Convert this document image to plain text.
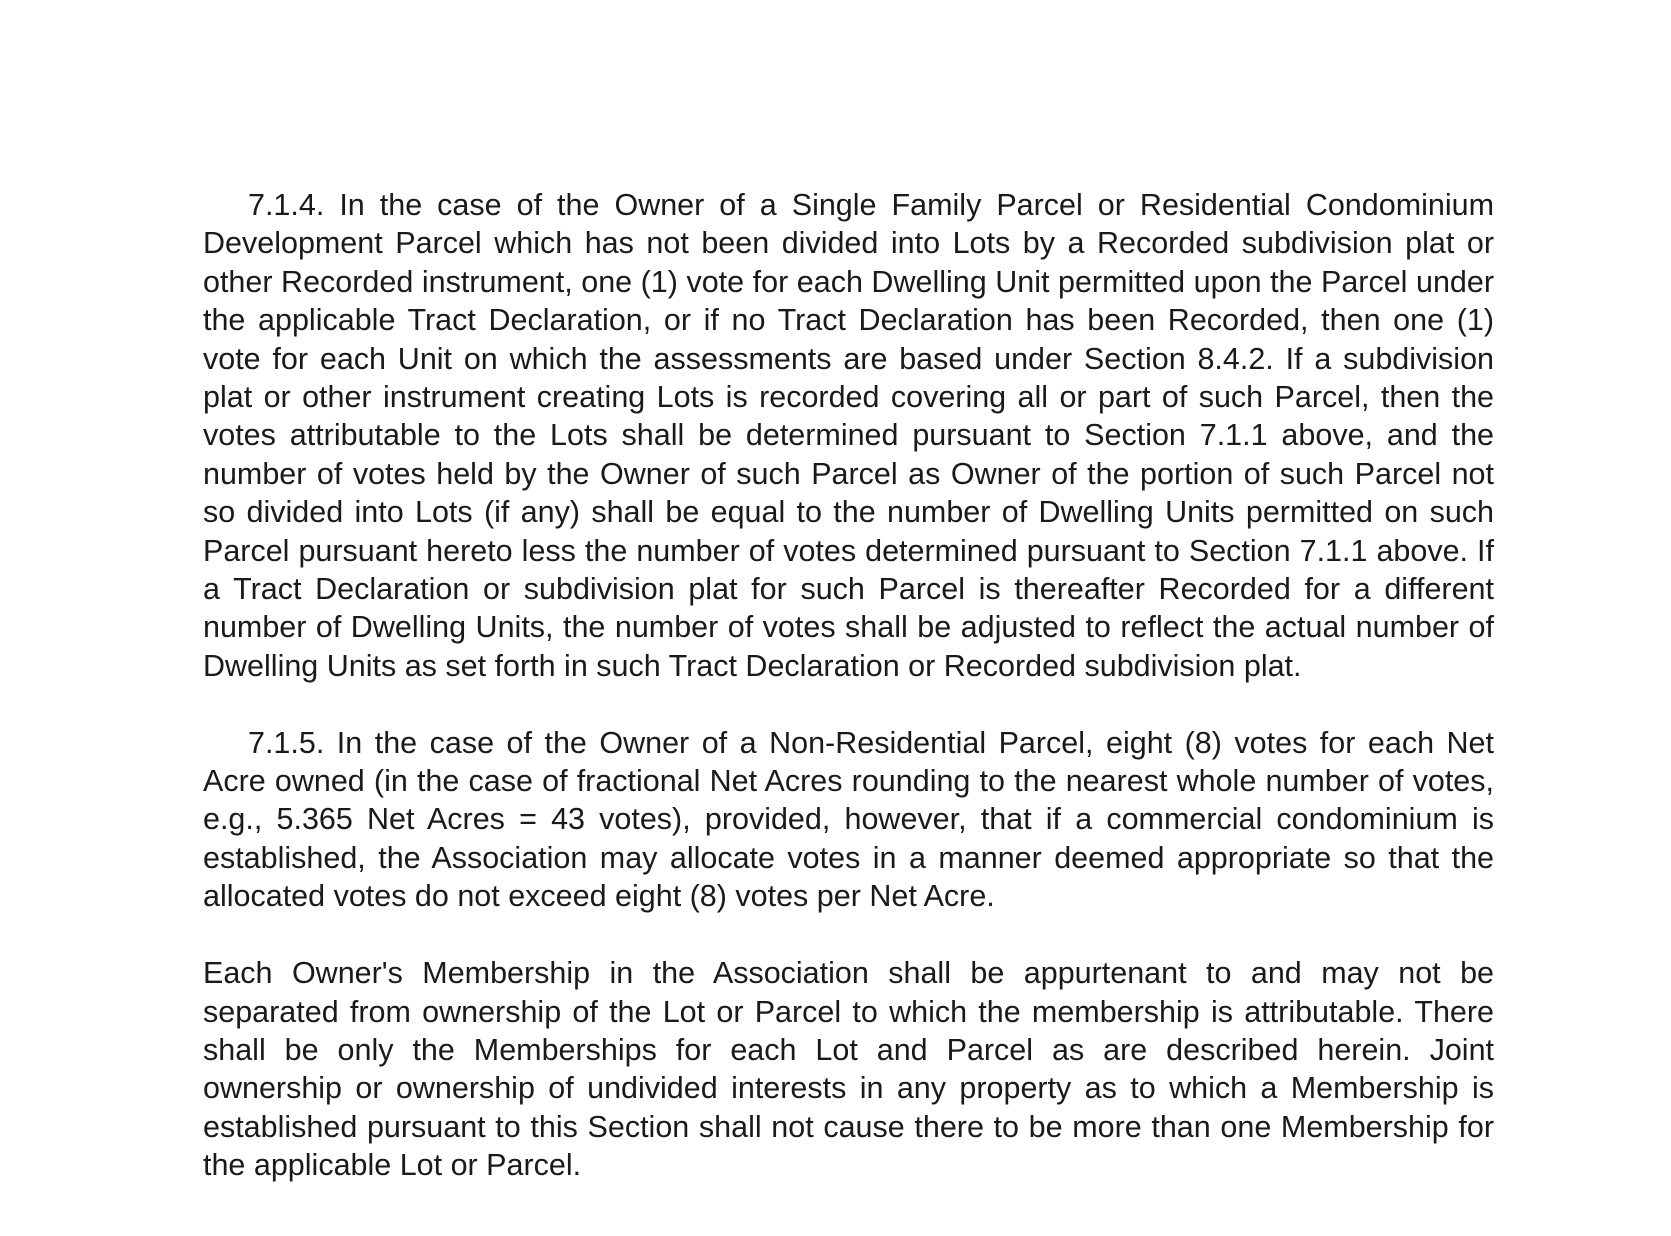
7.1.4. In the case of the Owner of a Single Family Parcel or Residential Condominium Development Parcel which has not been divided into Lots by a Recorded subdivision plat or other Recorded instrument, one (1) vote for each Dwelling Unit permitted upon the Parcel under the applicable Tract Declaration, or if no Tract Declaration has been Recorded, then one (1) vote for each Unit on which the assessments are based under Section 8.4.2. If a subdivision plat or other instrument creating Lots is recorded covering all or part of such Parcel, then the votes attributable to the Lots shall be determined pursuant to Section 7.1.1 above, and the number of votes held by the Owner of such Parcel as Owner of the portion of such Parcel not so divided into Lots (if any) shall be equal to the number of Dwelling Units permitted on such Parcel pursuant hereto less the number of votes determined pursuant to Section 7.1.1 above. If a Tract Declaration or subdivision plat for such Parcel is thereafter Recorded for a different number of Dwelling Units, the number of votes shall be adjusted to reflect the actual number of Dwelling Units as set forth in such Tract Declaration or Recorded subdivision plat.

7.1.5. In the case of the Owner of a Non-Residential Parcel, eight (8) votes for each Net Acre owned (in the case of fractional Net Acres rounding to the nearest whole number of votes, e.g., 5.365 Net Acres = 43 votes), provided, however, that if a commercial condominium is established, the Association may allocate votes in a manner deemed appropriate so that the allocated votes do not exceed eight (8) votes per Net Acre.

Each Owner's Membership in the Association shall be appurtenant to and may not be separated from ownership of the Lot or Parcel to which the membership is attributable. There shall be only the Memberships for each Lot and Parcel as are described herein. Joint ownership or ownership of undivided interests in any property as to which a Membership is established pursuant to this Section shall not cause there to be more than one Membership for the applicable Lot or Parcel.
